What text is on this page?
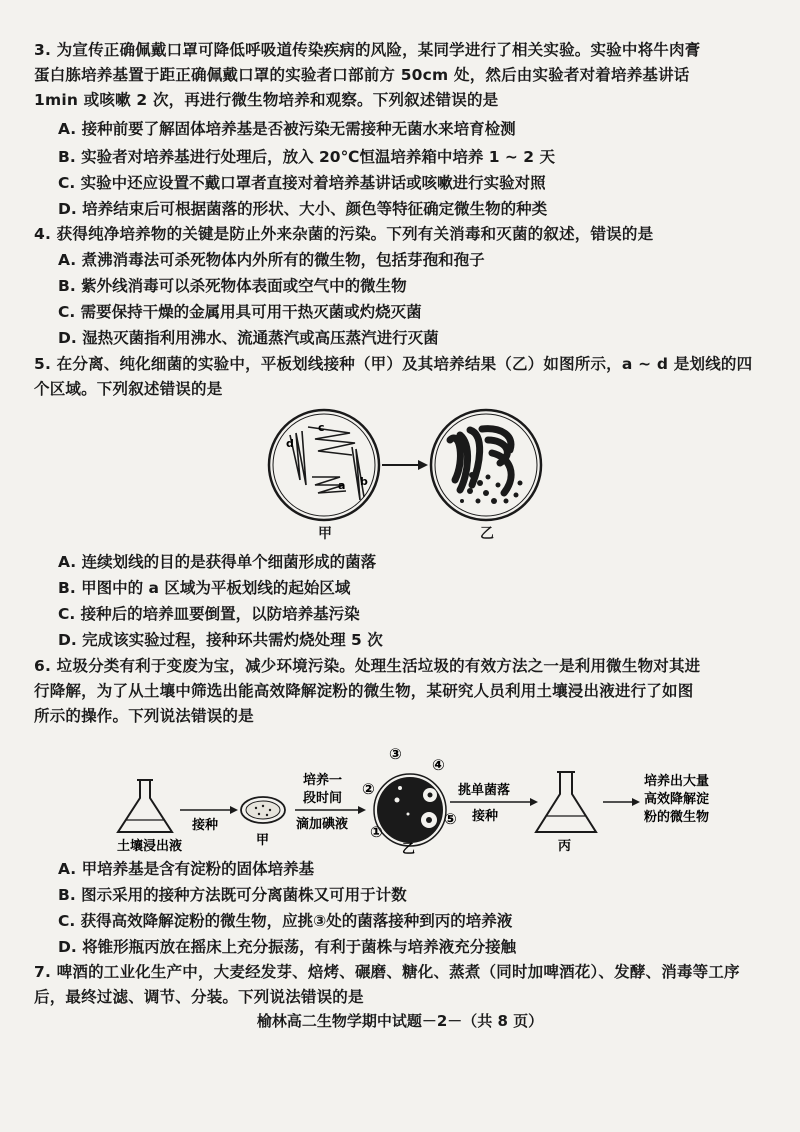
3. 为宣传正确佩戴口罩可降低呼吸道传染疾病的风险，某同学进行了相关实验。实验中将牛肉膏
蛋白胨培养基置于距正确佩戴口罩的实验者口部前方 50cm 处，然后由实验者对着培养基讲话
1min 或咳嗽 2 次，再进行微生物培养和观察。下列叙述错误的是
A. 接种前要了解固体培养基是否被污染无需接种无菌水来培育检测
B. 实验者对培养基进行处理后，放入 20℃恒温培养箱中培养 1 ~ 2 天
C. 实验中还应设置不戴口罩者直接对着培养基讲话或咳嗽进行实验对照
D. 培养结束后可根据菌落的形状、大小、颜色等特征确定微生物的种类
4. 获得纯净培养物的关键是防止外来杂菌的污染。下列有关消毒和灭菌的叙述，错误的是
A. 煮沸消毒法可杀死物体内外所有的微生物，包括芽孢和孢子
B. 紫外线消毒可以杀死物体表面或空气中的微生物
C. 需要保持干燥的金属用具可用干热灭菌或灼烧灭菌
D. 湿热灭菌指利用沸水、流通蒸汽或高压蒸汽进行灭菌
5. 在分离、纯化细菌的实验中，平板划线接种（甲）及其培养结果（乙）如图所示，a ~ d 是划线的四
个区域。下列叙述错误的是
d
c
b
a
甲	乙
A. 连续划线的目的是获得单个细菌形成的菌落
B. 甲图中的 a 区域为平板划线的起始区域
C. 接种后的培养皿要倒置，以防培养基污染
D. 完成该实验过程，接种环共需灼烧处理 5 次
6. 垃圾分类有利于变废为宝，减少环境污染。处理生活垃圾的有效方法之一是利用微生物对其进
行降解，为了从土壤中筛选出能高效降解淀粉的微生物，某研究人员利用土壤浸出液进行了如图
所示的操作。下列说法错误的是
土壤浸出液
接种
甲
培养一
段时间
滴加碘液
③
④
②
⑤
①
乙
挑单菌落
接种
丙
培养出大量
高效降解淀
粉的微生物
A. 甲培养基是含有淀粉的固体培养基
B. 图示采用的接种方法既可分离菌株又可用于计数
C. 获得高效降解淀粉的微生物，应挑③处的菌落接种到丙的培养液
D. 将锥形瓶丙放在摇床上充分振荡，有利于菌株与培养液充分接触
7. 啤酒的工业化生产中，大麦经发芽、焙烤、碾磨、糖化、蒸煮（同时加啤酒花）、发酵、消毒等工序
后，最终过滤、调节、分装。下列说法错误的是
榆林高二生物学期中试题－2－（共 8 页）
